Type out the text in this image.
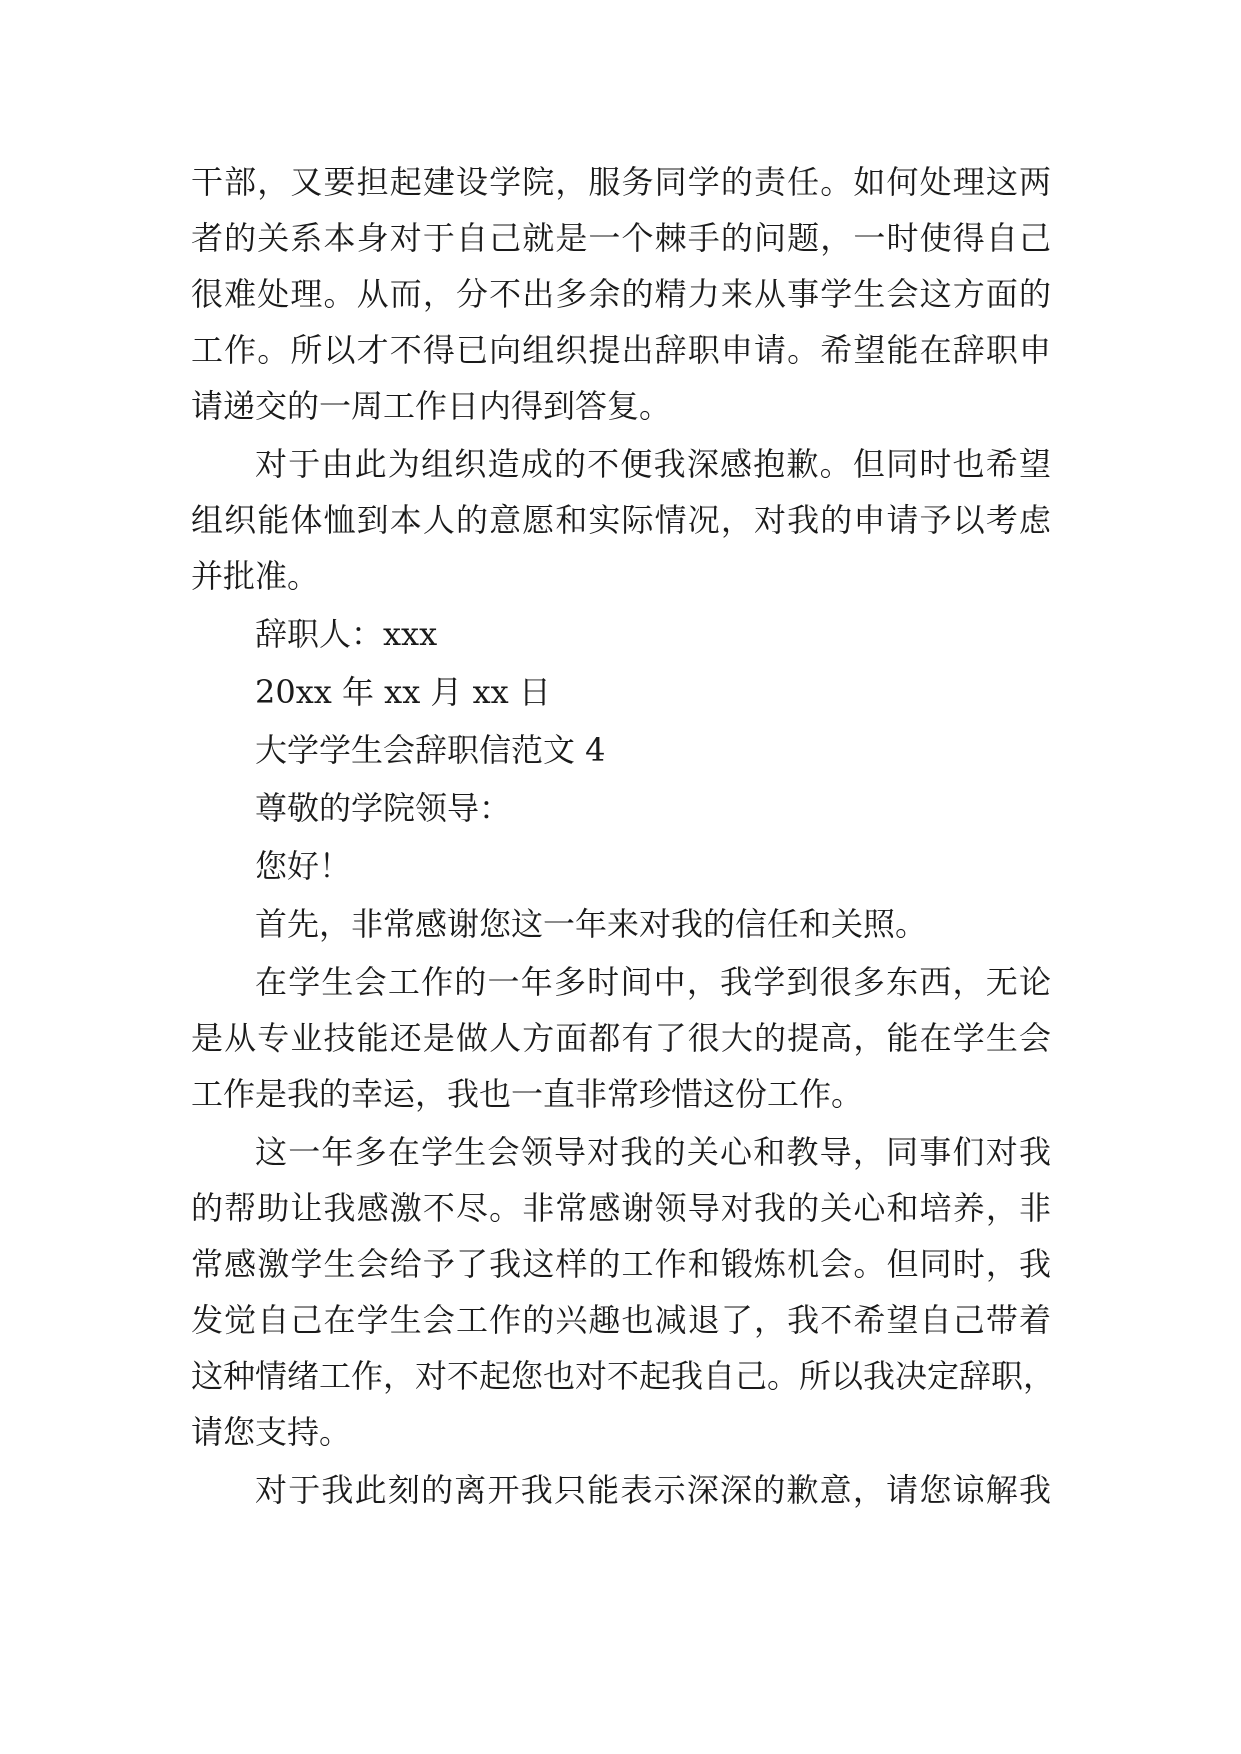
干部，又要担起建设学院，服务同学的责任。如何处理这两
者的关系本身对于自己就是一个棘手的问题，一时使得自己
很难处理。从而，分不出多余的精力来从事学生会这方面的
工作。所以才不得已向组织提出辞职申请。希望能在辞职申
请递交的一周工作日内得到答复。
对于由此为组织造成的不便我深感抱歉。但同时也希望
组织能体恤到本人的意愿和实际情况，对我的申请予以考虑
并批准。
辞职人：xxx
20xx 年 xx 月 xx 日
大学学生会辞职信范文 4
尊敬的学院领导：
您好！
首先，非常感谢您这一年来对我的信任和关照。
在学生会工作的一年多时间中，我学到很多东西，无论
是从专业技能还是做人方面都有了很大的提高，能在学生会
工作是我的幸运，我也一直非常珍惜这份工作。
这一年多在学生会领导对我的关心和教导，同事们对我
的帮助让我感激不尽。非常感谢领导对我的关心和培养，非
常感激学生会给予了我这样的工作和锻炼机会。但同时，我
发觉自己在学生会工作的兴趣也减退了，我不希望自己带着
这种情绪工作，对不起您也对不起我自己。所以我决定辞职，
请您支持。
对于我此刻的离开我只能表示深深的歉意，请您谅解我
